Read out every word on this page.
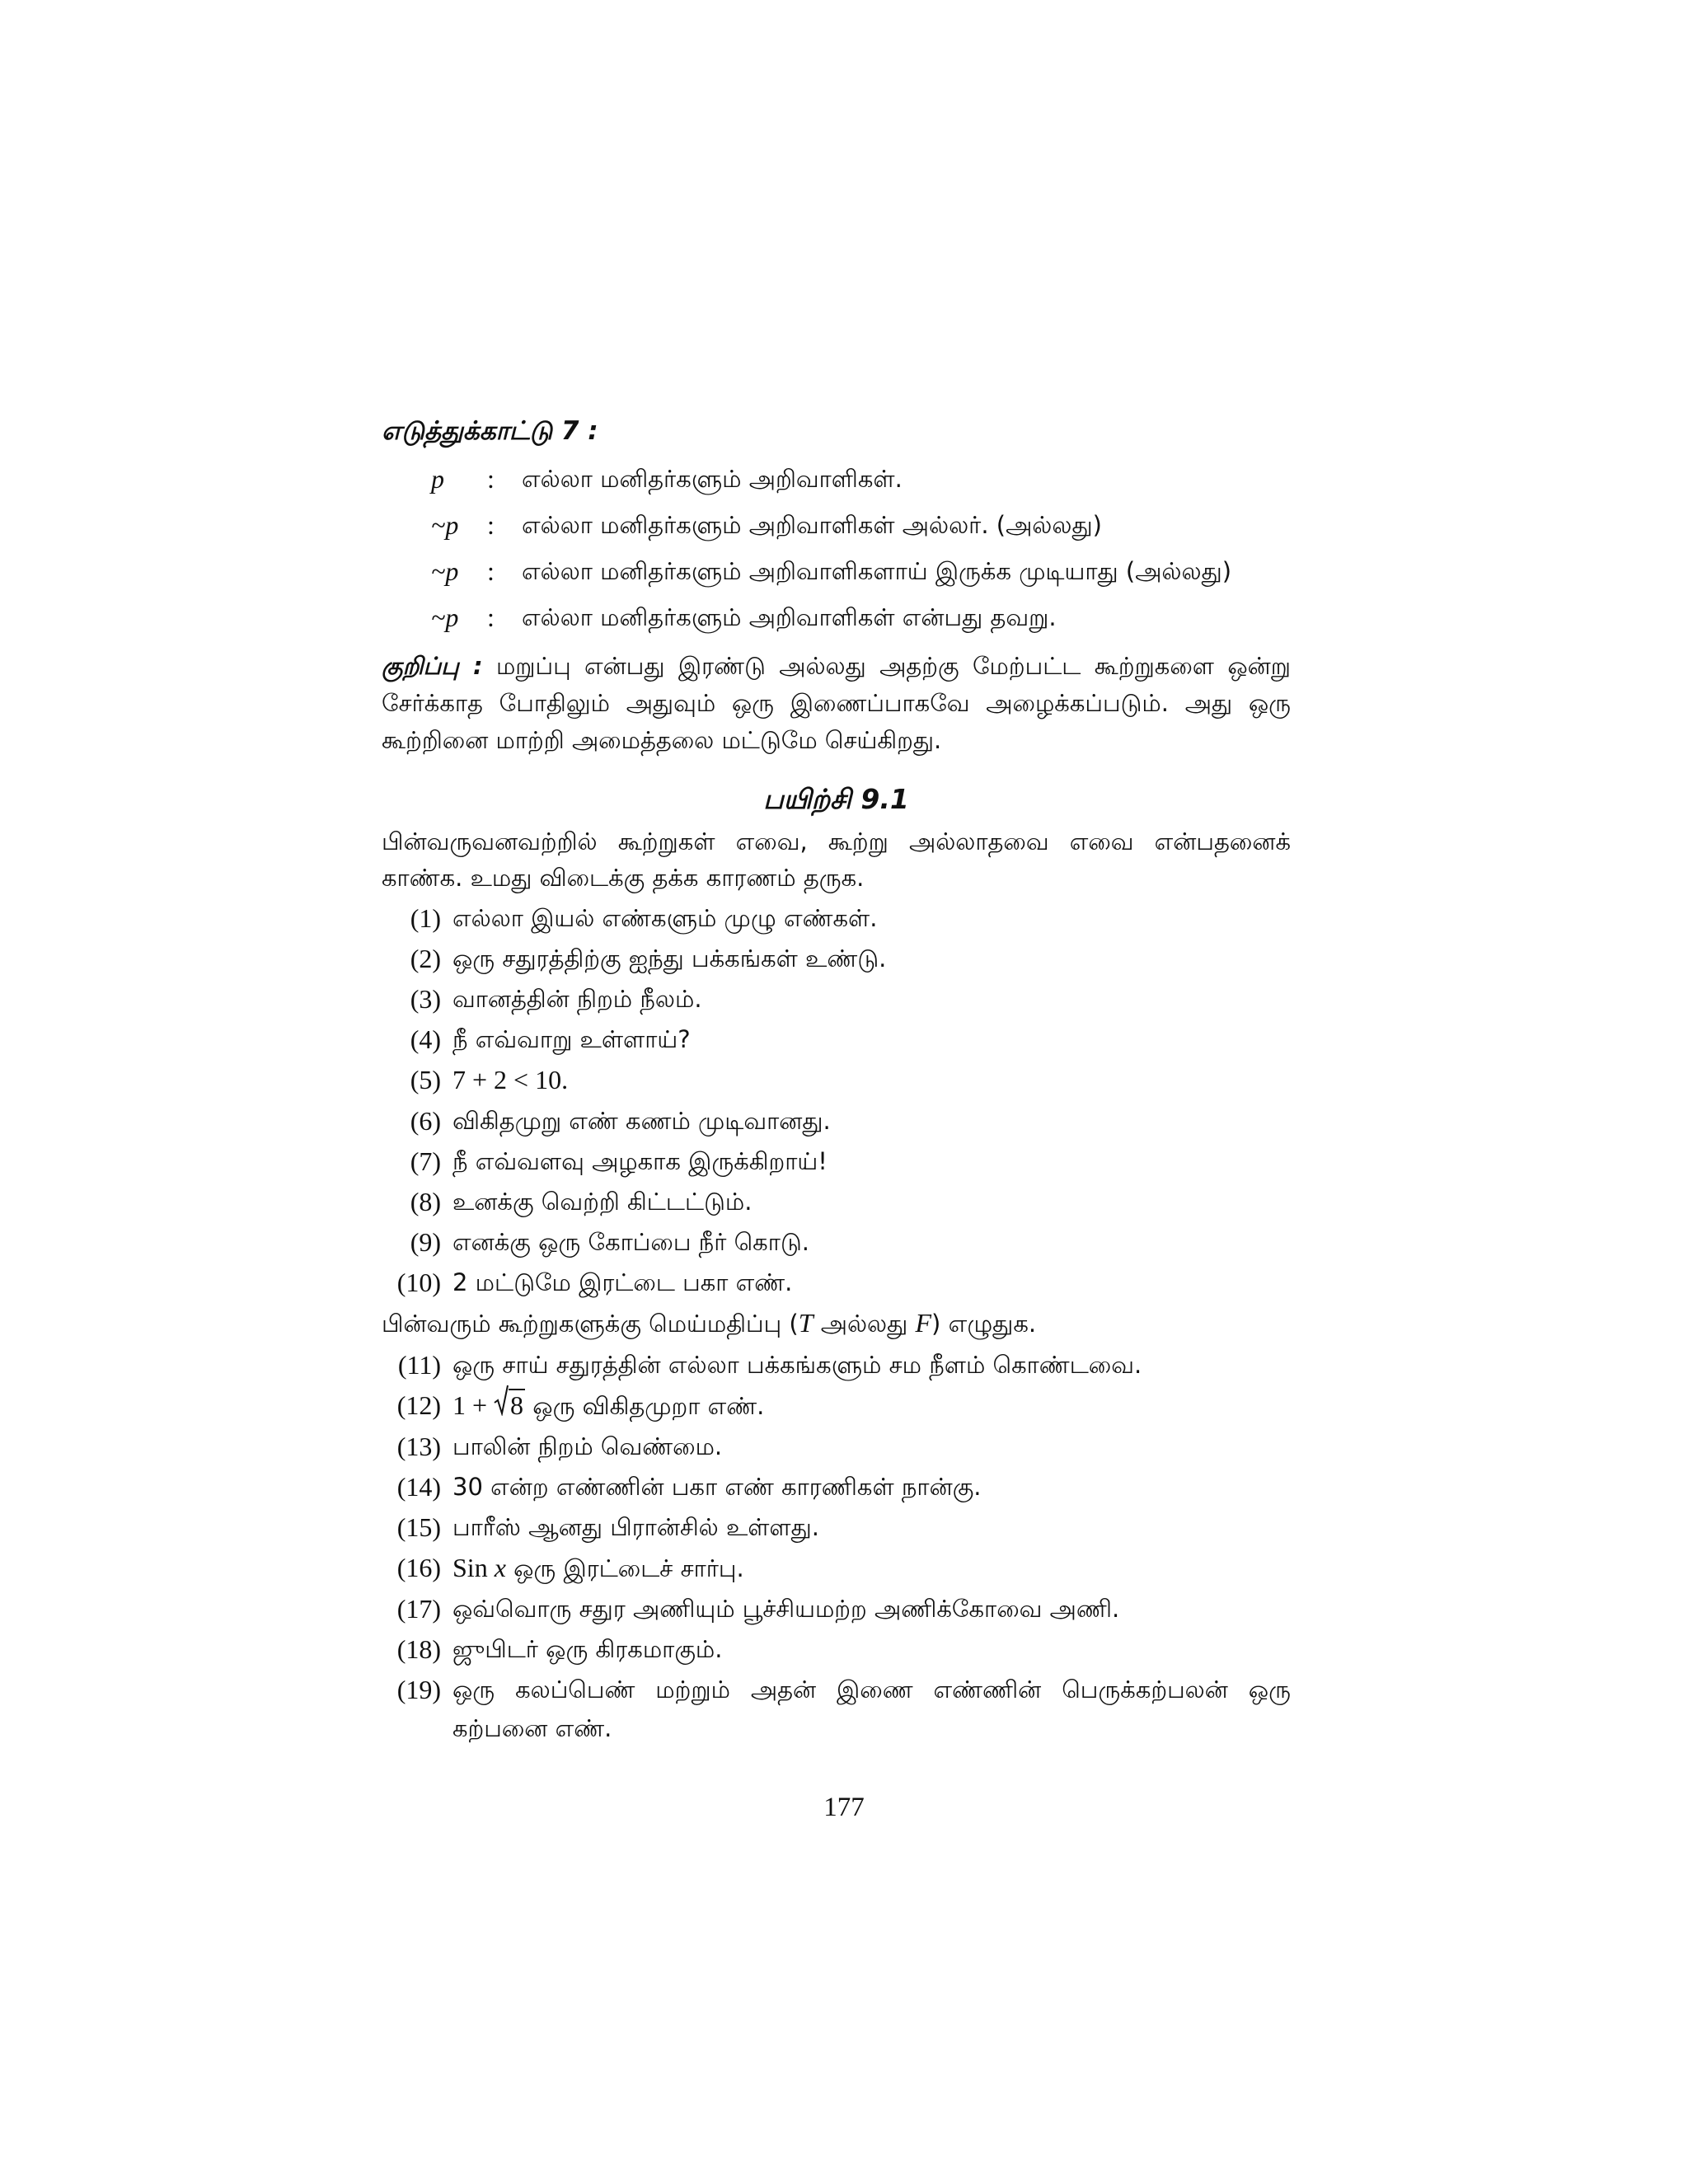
எடுத்துக்காட்டு 7 :
p	:	எல்லா மனிதர்களும் அறிவாளிகள்.
~p	:	எல்லா மனிதர்களும் அறிவாளிகள் அல்லர். (அல்லது)
~p	:	எல்லா மனிதர்களும் அறிவாளிகளாய் இருக்க முடியாது (அல்லது)
~p	:	எல்லா மனிதர்களும் அறிவாளிகள் என்பது தவறு.
குறிப்பு : மறுப்பு என்பது இரண்டு அல்லது அதற்கு மேற்பட்ட கூற்றுகளை ஒன்று சேர்க்காத போதிலும் அதுவும் ஒரு இணைப்பாகவே அழைக்கப்படும். அது ஒரு கூற்றினை மாற்றி அமைத்தலை மட்டுமே செய்கிறது.
பயிற்சி 9.1
பின்வருவனவற்றில் கூற்றுகள் எவை, கூற்று அல்லாதவை எவை என்பதனைக் காண்க. உமது விடைக்கு தக்க காரணம் தருக.
(1) எல்லா இயல் எண்களும் முழு எண்கள்.
(2) ஒரு சதுரத்திற்கு ஐந்து பக்கங்கள் உண்டு.
(3) வானத்தின் நிறம் நீலம்.
(4) நீ எவ்வாறு உள்ளாய்?
(5) 7 + 2 < 10.
(6) விகிதமுறு எண் கணம் முடிவானது.
(7) நீ எவ்வளவு அழகாக இருக்கிறாய்!
(8) உனக்கு வெற்றி கிட்டட்டும்.
(9) எனக்கு ஒரு கோப்பை நீர் கொடு.
(10) 2 மட்டுமே இரட்டை பகா எண்.
பின்வரும் கூற்றுகளுக்கு மெய்மதிப்பு (T அல்லது F) எழுதுக.
(11) ஒரு சாய் சதுரத்தின் எல்லா பக்கங்களும் சம நீளம் கொண்டவை.
(12) 1 +
8 ஒரு விகிதமுறா எண்.
(13) பாலின் நிறம் வெண்மை.
(14) 30 என்ற எண்ணின் பகா எண் காரணிகள் நான்கு.
(15) பாரீஸ் ஆனது பிரான்சில் உள்ளது.
(16) Sin x ஒரு இரட்டைச் சார்பு.
(17) ஒவ்வொரு சதுர அணியும் பூச்சியமற்ற அணிக்கோவை அணி.
(18) ஜுபிடர் ஒரு கிரகமாகும்.
(19) ஒரு கலப்பெண் மற்றும் அதன் இணை எண்ணின் பெருக்கற்பலன் ஒரு கற்பனை எண்.
177
